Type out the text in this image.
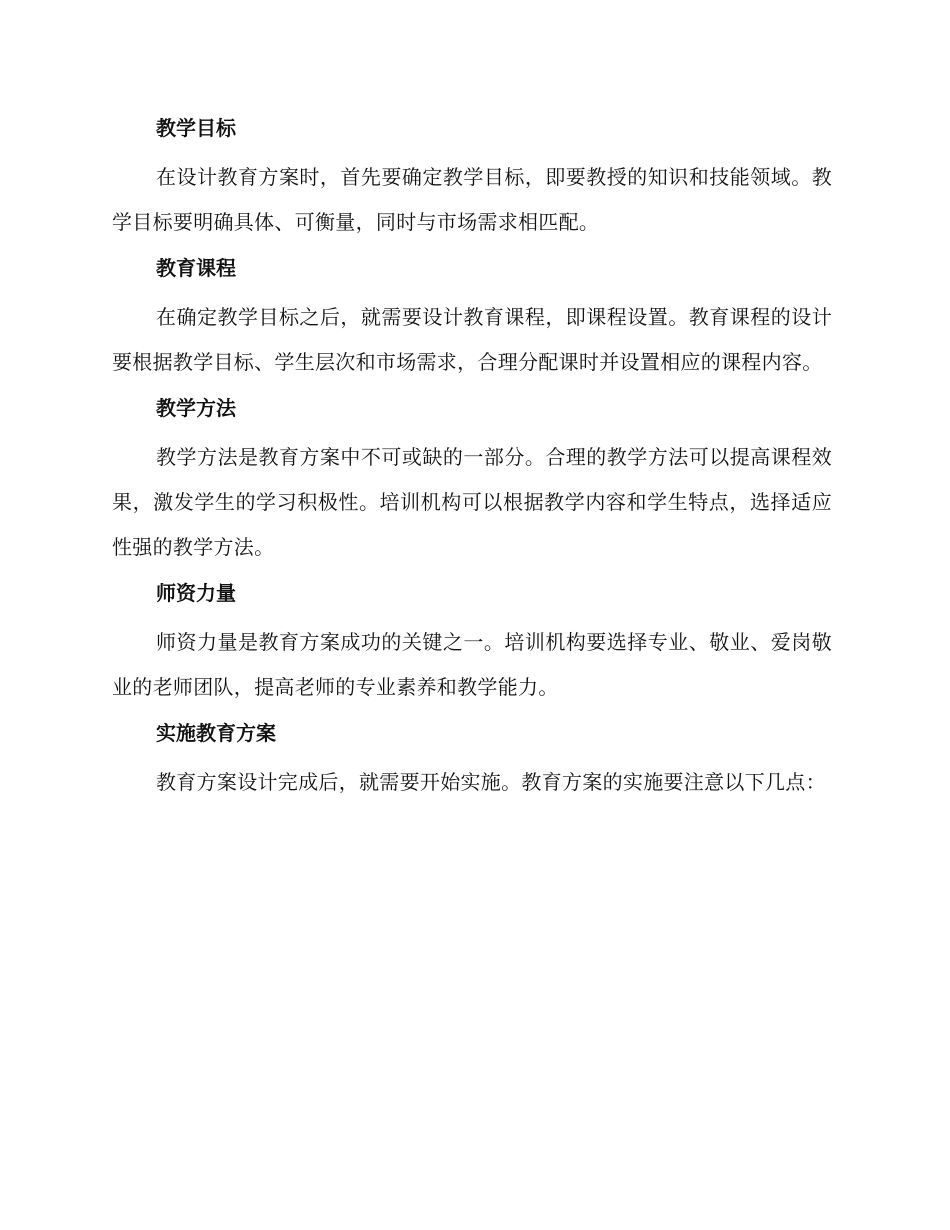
教学目标

在设计教育方案时，首先要确定教学目标，即要教授的知识和技能领域。教学目标要明确具体、可衡量，同时与市场需求相匹配。

教育课程

在确定教学目标之后，就需要设计教育课程，即课程设置。教育课程的设计要根据教学目标、学生层次和市场需求，合理分配课时并设置相应的课程内容。

教学方法

教学方法是教育方案中不可或缺的一部分。合理的教学方法可以提高课程效果，激发学生的学习积极性。培训机构可以根据教学内容和学生特点，选择适应性强的教学方法。

师资力量

师资力量是教育方案成功的关键之一。培训机构要选择专业、敬业、爱岗敬业的老师团队，提高老师的专业素养和教学能力。

实施教育方案

教育方案设计完成后，就需要开始实施。教育方案的实施要注意以下几点：
